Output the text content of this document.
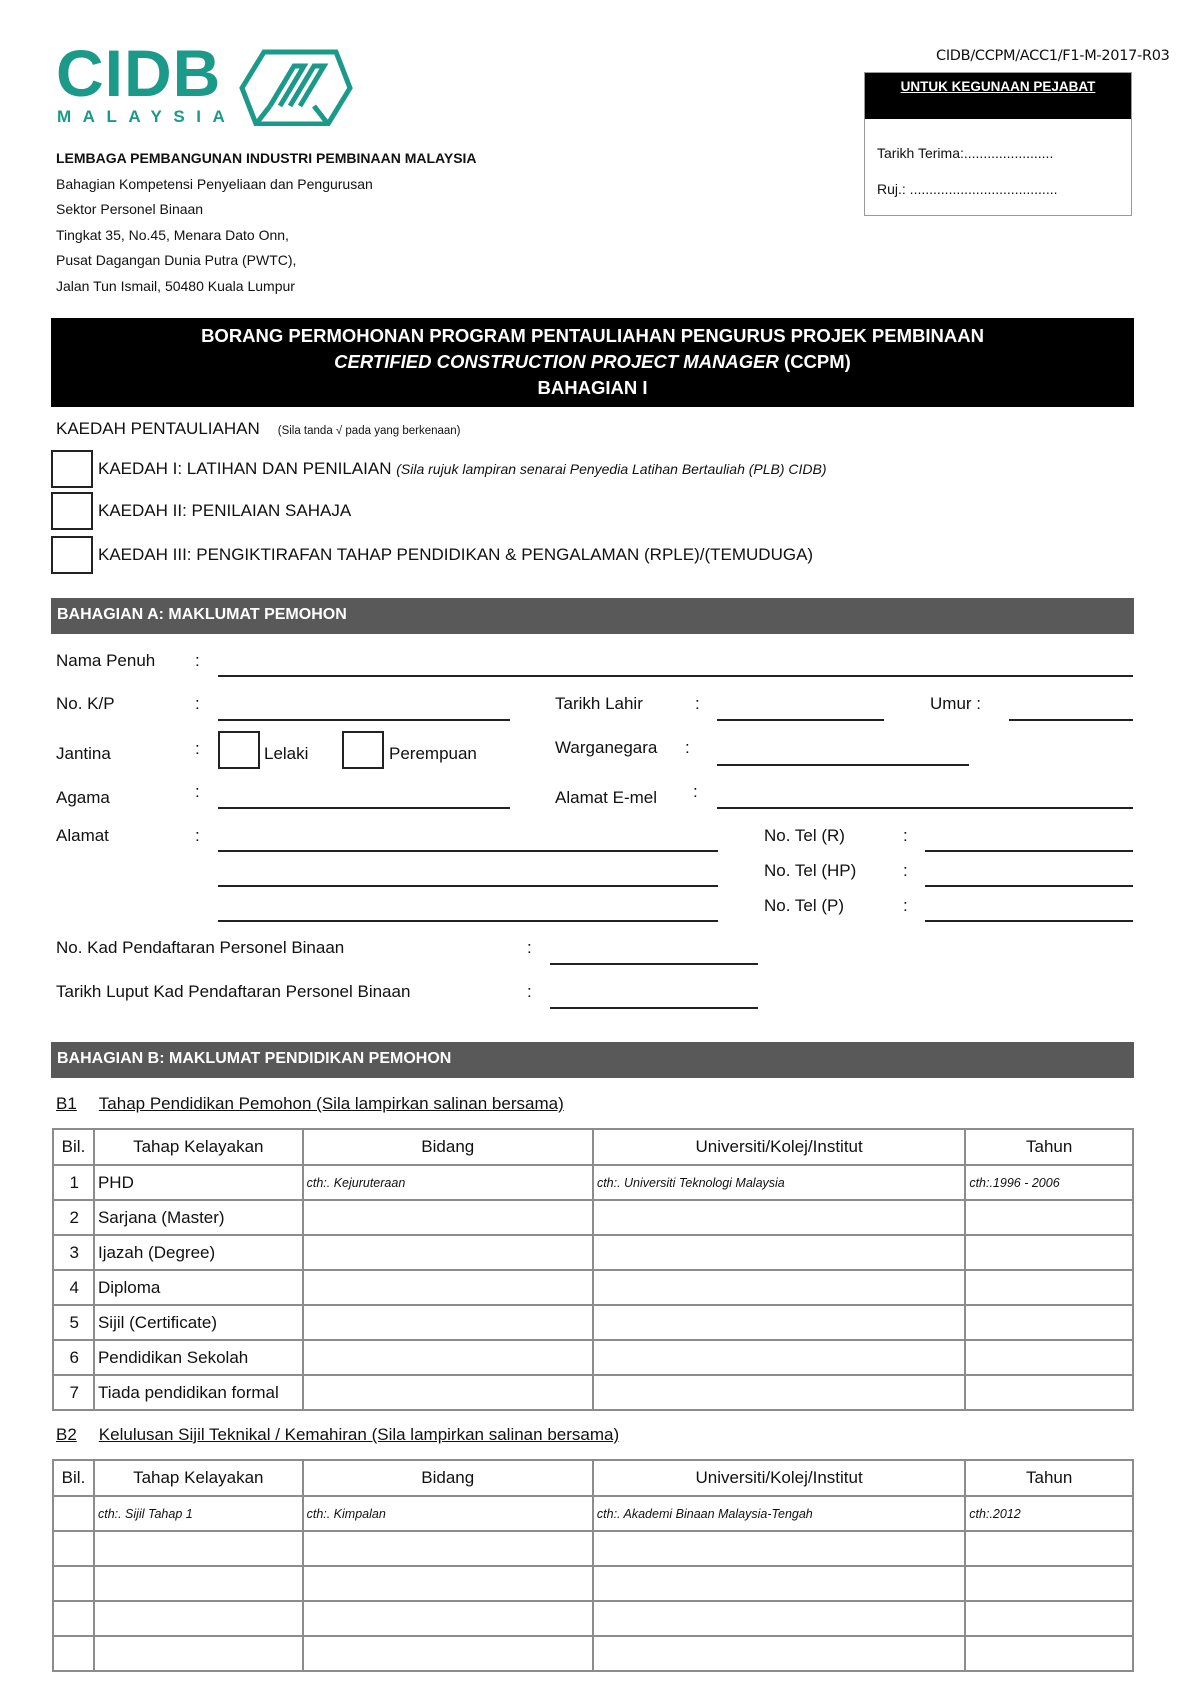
CIDB/CCPM/ACC1/F1-M-2017-R03
UNTUK KEGUNAAN PEJABAT
Tarikh Terima:.......................
Ruj.: ......................................
CIDB
MALAYSIA
LEMBAGA PEMBANGUNAN INDUSTRI PEMBINAAN MALAYSIA
Bahagian Kompetensi Penyeliaan dan Pengurusan
Sektor Personel Binaan
Tingkat 35, No.45, Menara Dato Onn,
Pusat Dagangan Dunia Putra (PWTC),
Jalan Tun Ismail, 50480 Kuala Lumpur
BORANG PERMOHONAN PROGRAM PENTAULIAHAN PENGURUS PROJEK PEMBINAAN
CERTIFIED CONSTRUCTION PROJECT MANAGER (CCPM)
BAHAGIAN I
KAEDAH PENTAULIAHAN (Sila tanda √ pada yang berkenaan)
KAEDAH I: LATIHAN DAN PENILAIAN (Sila rujuk lampiran senarai Penyedia Latihan Bertauliah (PLB) CIDB)
KAEDAH II: PENILAIAN SAHAJA
KAEDAH III: PENGIKTIRAFAN TAHAP PENDIDIKAN & PENGALAMAN (RPLE)/(TEMUDUGA)
BAHAGIAN A: MAKLUMAT PEMOHON
Nama Penuh :
No. K/P	:	Tarikh Lahir	:	Umur :
Jantina	:	Lelaki	Perempuan	Warganegara :
Agama	:	Alamat E-mel :
Alamat	:	No. Tel (R)	:
No. Tel (HP)	:
No. Tel (P)	:
No. Kad Pendaftaran Personel Binaan	:
Tarikh Luput Kad Pendaftaran Personel Binaan	:
BAHAGIAN B: MAKLUMAT PENDIDIKAN PEMOHON
B1 Tahap Pendidikan Pemohon (Sila lampirkan salinan bersama)
Bil.	Tahap Kelayakan	Bidang	Universiti/Kolej/Institut	Tahun
1	PHD	cth:. Kejuruteraan	cth:. Universiti Teknologi Malaysia	cth:.1996 - 2006
2	Sarjana (Master)			
3	Ijazah (Degree)			
4	Diploma			
5	Sijil (Certificate)			
6	Pendidikan Sekolah			
7	Tiada pendidikan formal			
B2 Kelulusan Sijil Teknikal / Kemahiran (Sila lampirkan salinan bersama)
Bil.	Tahap Kelayakan	Bidang	Universiti/Kolej/Institut	Tahun
	cth:. Sijil Tahap 1	cth:. Kimpalan	cth:. Akademi Binaan Malaysia-Tengah	cth:.2012
